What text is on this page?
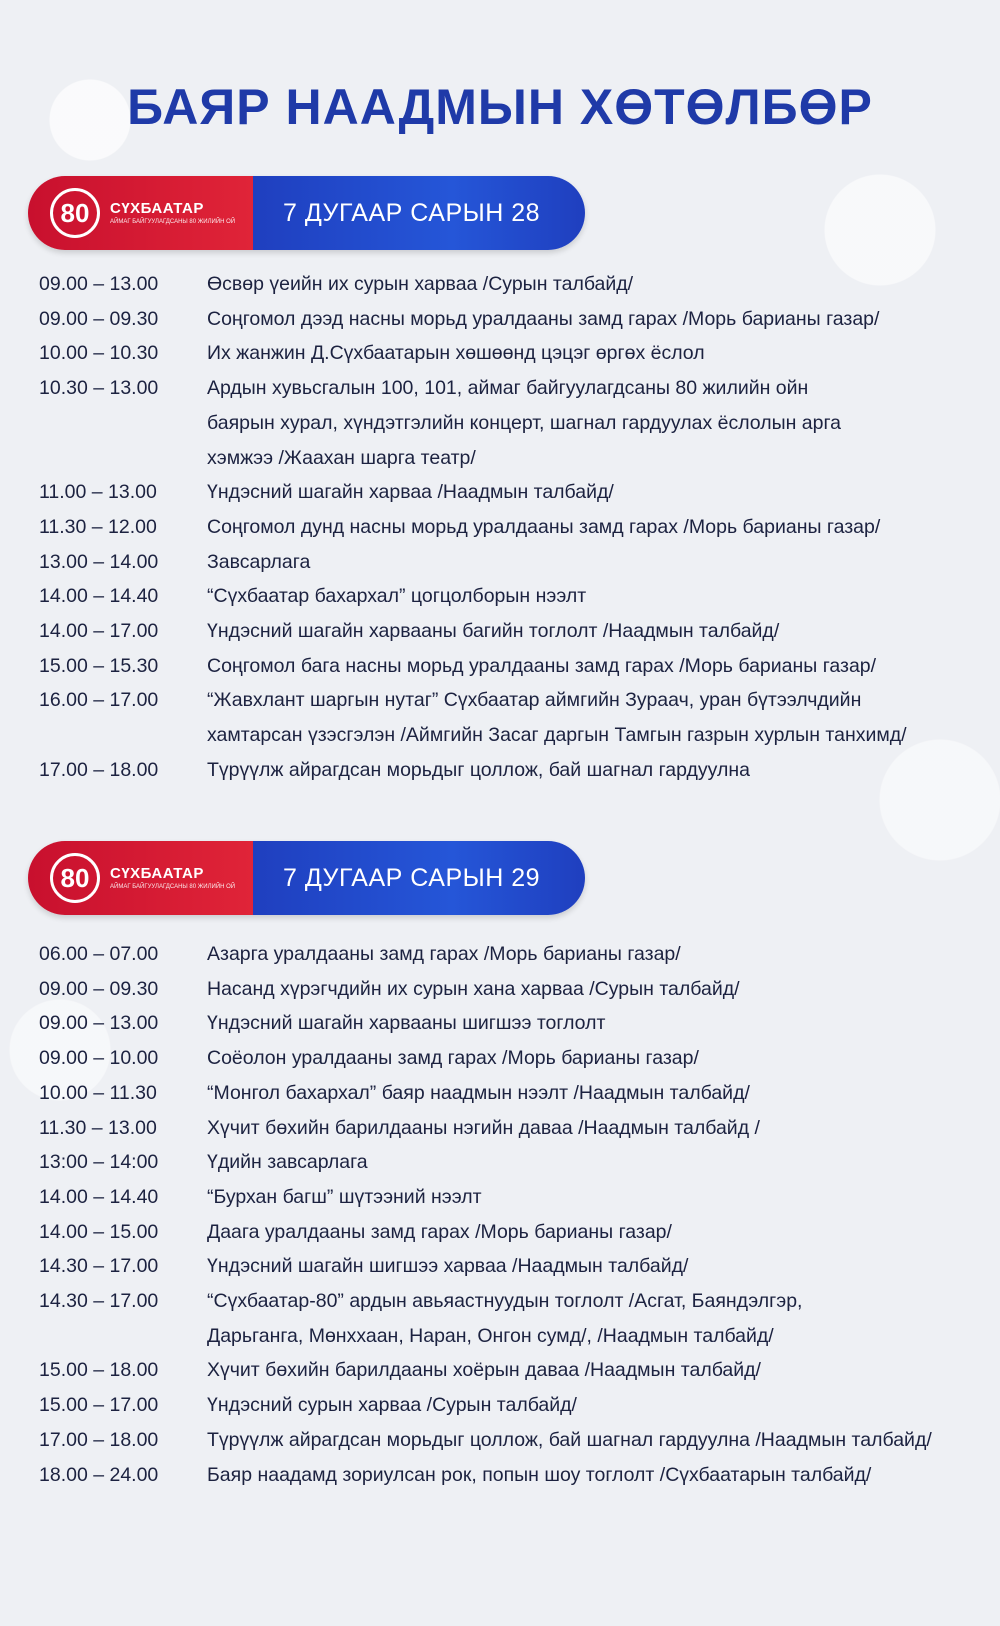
БАЯР НААДМЫН ХӨТӨЛБӨР
80	СҮХБААТАР
АЙМАГ БАЙГУУЛАГДСАНЫ 80 ЖИЛИЙН ОЙ	7 ДУГААР САРЫН 28
09.00 – 13.00	Өсвөр үеийн их сурын харваа /Сурын талбайд/
09.00 – 09.30	Соңгомол дээд насны морьд уралдааны замд гарах /Морь барианы газар/
10.00 – 10.30	Их жанжин Д.Сүхбаатарын хөшөөнд цэцэг өргөх ёслол
10.30 – 13.00	Ардын хувьсгалын 100, 101, аймаг байгуулагдсаны 80 жилийн ойн
баярын хурал, хүндэтгэлийн концерт, шагнал гардуулах ёслолын арга
хэмжээ /Жаахан шарга театр/
11.00 – 13.00	Үндэсний шагайн харваа /Наадмын талбайд/
11.30 – 12.00	Соңгомол дунд насны морьд уралдааны замд гарах /Морь барианы газар/
13.00 – 14.00	Завсарлага
14.00 – 14.40	“Сүхбаатар бахархал” цогцолборын нээлт
14.00 – 17.00	Үндэсний шагайн харвааны багийн тоглолт /Наадмын талбайд/
15.00 – 15.30	Соңгомол бага насны морьд уралдааны замд гарах /Морь барианы газар/
16.00 – 17.00	“Жавхлант шаргын нутаг” Сүхбаатар аймгийн Зураач, уран бүтээлчдийн
хамтарсан үзэсгэлэн /Аймгийн Засаг даргын Тамгын газрын хурлын танхимд/
17.00 – 18.00	Түрүүлж айрагдсан морьдыг цоллож, бай шагнал гардуулна
80	СҮХБААТАР
АЙМАГ БАЙГУУЛАГДСАНЫ 80 ЖИЛИЙН ОЙ	7 ДУГААР САРЫН 29
06.00 – 07.00	Азарга уралдааны замд гарах /Морь барианы газар/
09.00 – 09.30	Насанд хүрэгчдийн их сурын хана харваа /Сурын талбайд/
09.00 – 13.00	Үндэсний шагайн харвааны шигшээ тоглолт
09.00 – 10.00	Соёолон уралдааны замд гарах /Морь барианы газар/
10.00 – 11.30	“Монгол бахархал” баяр наадмын нээлт /Наадмын талбайд/
11.30 – 13.00	Хүчит бөхийн барилдааны нэгийн даваа /Наадмын талбайд /
13:00 – 14:00	Үдийн завсарлага
14.00 – 14.40	“Бурхан багш” шүтээний нээлт
14.00 – 15.00	Даага уралдааны замд гарах /Морь барианы газар/
14.30 – 17.00	Үндэсний шагайн шигшээ харваа /Наадмын талбайд/
14.30 – 17.00	“Сүхбаатар-80” ардын авьяастнуудын тоглолт /Асгат, Баяндэлгэр,
Дарьганга, Мөнххаан, Наран, Онгон сумд/, /Наадмын талбайд/
15.00 – 18.00	Хүчит бөхийн барилдааны хоёрын даваа /Наадмын талбайд/
15.00 – 17.00	Үндэсний сурын харваа /Сурын талбайд/
17.00 – 18.00	Түрүүлж айрагдсан морьдыг цоллож, бай шагнал гардуулна /Наадмын талбайд/
18.00 – 24.00	Баяр наадамд зориулсан рок, попын шоу тоглолт /Сүхбаатарын талбайд/
